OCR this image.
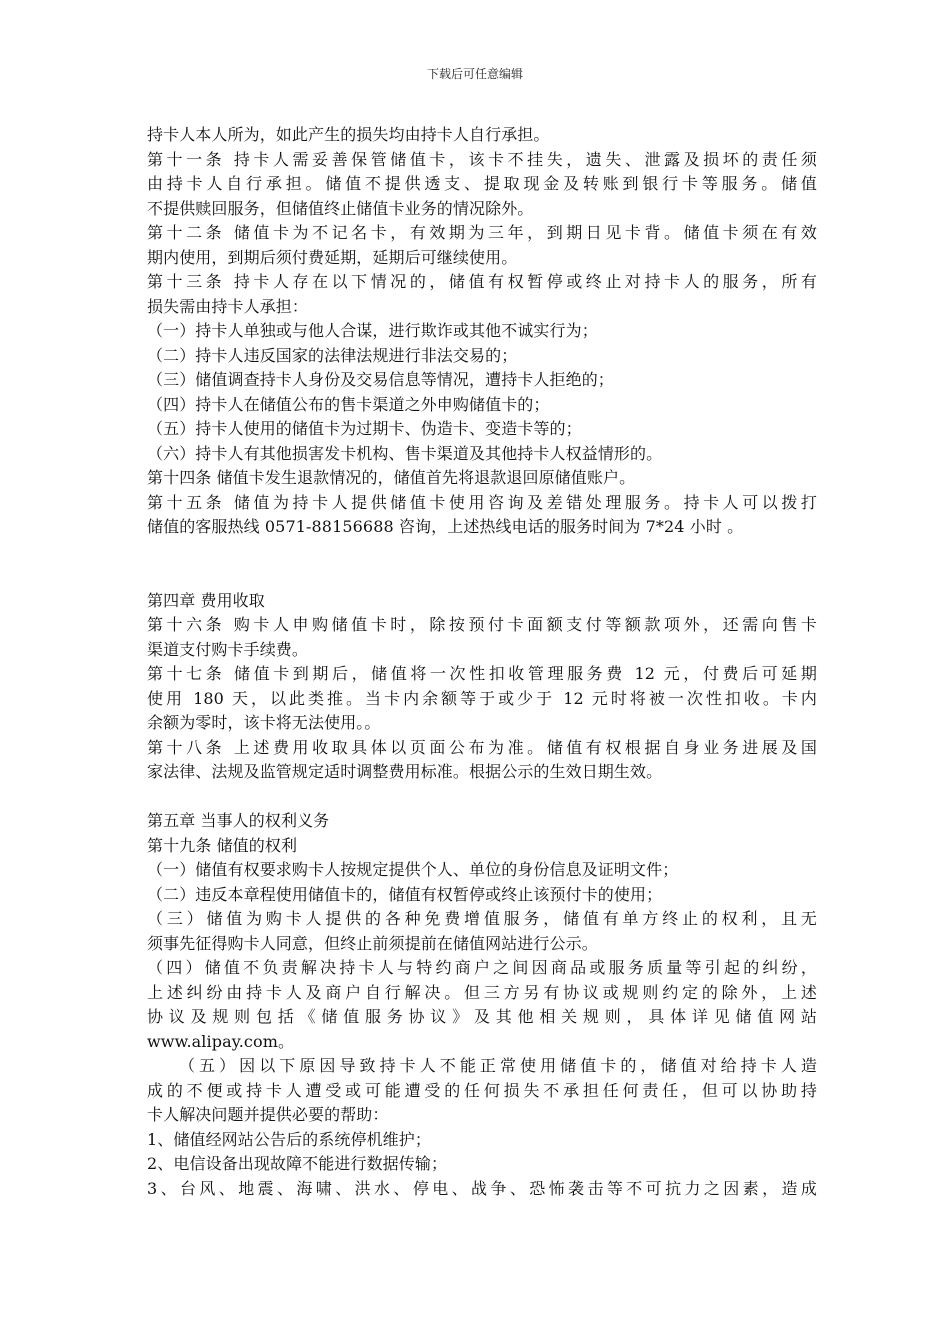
下载后可任意编辑
持卡人本人所为，如此产生的损失均由持卡人自行承担。
第十一条 持卡人需妥善保管储值卡，该卡不挂失，遗失、泄露及损坏的责任须
由持卡人自行承担。储值不提供透支、提取现金及转账到银行卡等服务。储值
不提供赎回服务，但储值终止储值卡业务的情况除外。
第十二条 储值卡为不记名卡，有效期为三年，到期日见卡背。储值卡须在有效
期内使用，到期后须付费延期，延期后可继续使用。
第十三条 持卡人存在以下情况的，储值有权暂停或终止对持卡人的服务，所有
损失需由持卡人承担：
（一）持卡人单独或与他人合谋，进行欺诈或其他不诚实行为；
（二）持卡人违反国家的法律法规进行非法交易的；
（三）储值调查持卡人身份及交易信息等情况，遭持卡人拒绝的；
（四）持卡人在储值公布的售卡渠道之外申购储值卡的；
（五）持卡人使用的储值卡为过期卡、伪造卡、变造卡等的；
（六）持卡人有其他损害发卡机构、售卡渠道及其他持卡人权益情形的。
第十四条 储值卡发生退款情况的，储值首先将退款退回原储值账户。
第十五条 储值为持卡人提供储值卡使用咨询及差错处理服务。持卡人可以拨打
储值的客服热线 0571-88156688 咨询，上述热线电话的服务时间为 7*24 小时 。
第四章 费用收取
第十六条 购卡人申购储值卡时，除按预付卡面额支付等额款项外，还需向售卡
渠道支付购卡手续费。
第十七条 储值卡到期后，储值将一次性扣收管理服务费 12 元，付费后可延期
使用 180 天，以此类推。当卡内余额等于或少于 12 元时将被一次性扣收。卡内
余额为零时，该卡将无法使用。。
第十八条 上述费用收取具体以页面公布为准。储值有权根据自身业务进展及国
家法律、法规及监管规定适时调整费用标准。根据公示的生效日期生效。
第五章 当事人的权利义务
第十九条 储值的权利
（一）储值有权要求购卡人按规定提供个人、单位的身份信息及证明文件；
（二）违反本章程使用储值卡的，储值有权暂停或终止该预付卡的使用；
（三）储值为购卡人提供的各种免费增值服务，储值有单方终止的权利，且无
须事先征得购卡人同意，但终止前须提前在储值网站进行公示。
（四）储值不负责解决持卡人与特约商户之间因商品或服务质量等引起的纠纷，
上述纠纷由持卡人及商户自行解决。但三方另有协议或规则约定的除外，上述
协议及规则包括《储值服务协议》及其他相关规则，具体详见储值网站
www.alipay.com。
（五）因以下原因导致持卡人不能正常使用储值卡的，储值对给持卡人造
成的不便或持卡人遭受或可能遭受的任何损失不承担任何责任，但可以协助持
卡人解决问题并提供必要的帮助：
1、储值经网站公告后的系统停机维护；
2、电信设备出现故障不能进行数据传输；
3、台风、地震、海啸、洪水、停电、战争、恐怖袭击等不可抗力之因素，造成
